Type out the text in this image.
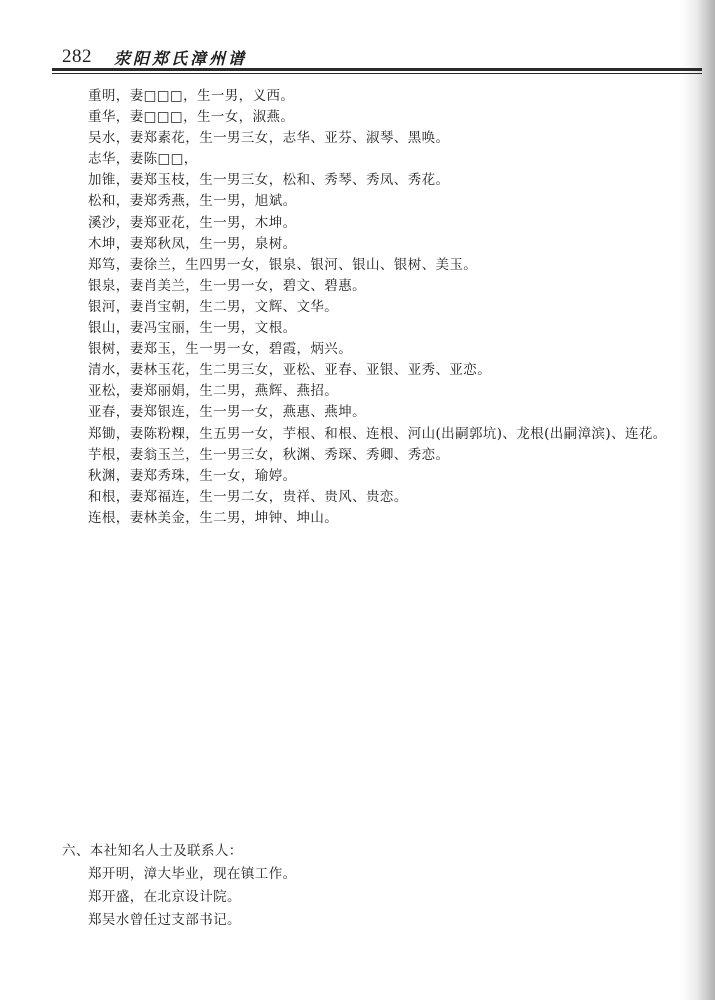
282 荥阳郑氏漳州谱
重明，妻□□□，生一男，义西。
重华，妻□□□，生一女，淑燕。
吴水，妻郑素花，生一男三女，志华、亚芬、淑琴、黑唤。
志华，妻陈□□，
加锥，妻郑玉枝，生一男三女，松和、秀琴、秀凤、秀花。
松和，妻郑秀燕，生一男，旭斌。
溪沙，妻郑亚花，生一男，木坤。
木坤，妻郑秋凤，生一男，泉树。
郑笃，妻徐兰，生四男一女，银泉、银河、银山、银树、美玉。
银泉，妻肖美兰，生一男一女，碧文、碧惠。
银河，妻肖宝朝，生二男，文辉、文华。
银山，妻冯宝丽，生一男，文根。
银树，妻郑玉，生一男一女，碧霞，炳兴。
清水，妻林玉花，生二男三女，亚松、亚春、亚银、亚秀、亚恋。
亚松，妻郑丽娟，生二男，燕辉、燕招。
亚春，妻郑银连，生一男一女，燕惠、燕坤。
郑锄，妻陈粉粿，生五男一女，芋根、和根、连根、河山(出嗣郭坑)、龙根(出嗣漳滨)、连花。
芋根，妻翁玉兰，生一男三女，秋渊、秀琛、秀卿、秀恋。
秋渊，妻郑秀珠，生一女，瑜婷。
和根，妻郑福连，生一男二女，贵祥、贵风、贵恋。
连根，妻林美金，生二男，坤钟、坤山。
六、本社知名人士及联系人：
郑开明，漳大毕业，现在镇工作。
郑开盛，在北京设计院。
郑吴水曾任过支部书记。
